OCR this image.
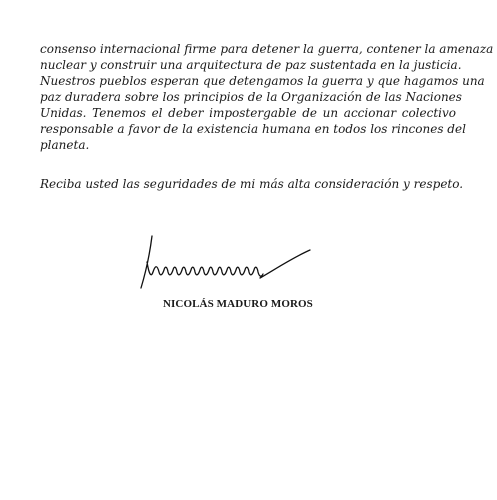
consenso internacional firme para detener la guerra, contener la amenaza
nuclear y construir una arquitectura de paz sustentada en la justicia.
Nuestros pueblos esperan que detengamos la guerra y que hagamos una
paz duradera sobre los principios de la Organización de las Naciones
Unidas. Tenemos el deber impostergable de un accionar colectivo
responsable a favor de la existencia humana en todos los rincones del
planeta.
Reciba usted las seguridades de mi más alta consideración y respeto.
NICOLÁS MADURO MOROS
